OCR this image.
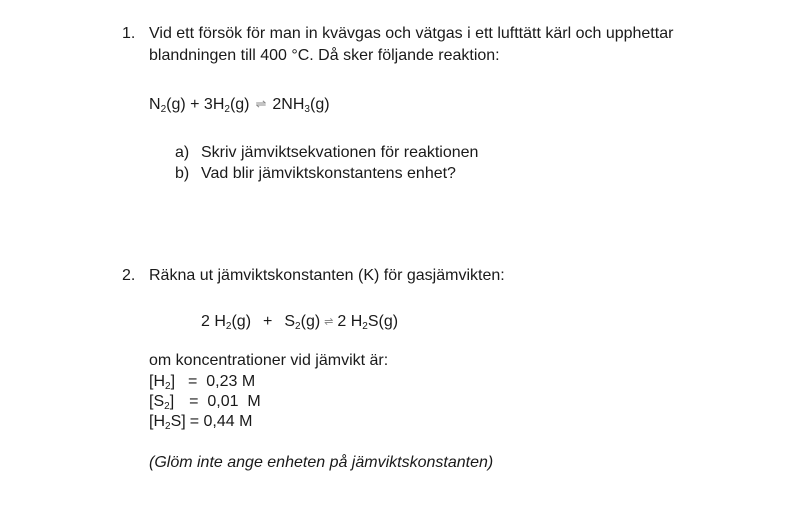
1. Vid ett försök för man in kvävgas och vätgas i ett lufttätt kärl och upphettar
blandningen till 400 °C. Då sker följande reaktion:
$N_2(g) + 3H_2(g)$ ⇌ $2NH_3(g)$
a) Skriv jämviktsekvationen för reaktionen
b) Vad blir jämviktskonstantens enhet?
2. Räkna ut jämviktskonstanten (K) för gasjämvikten:
2 $H_2(g) + S_2(g)$ ⇌ 2 $H_2S(g)$
om koncentrationer vid jämvikt är:
$[H_2] = 0,23$ M
$[S_2] = 0,01$  M
$[H_2S] = 0,44$ M
(Glöm inte ange enheten på jämviktskonstanten)
